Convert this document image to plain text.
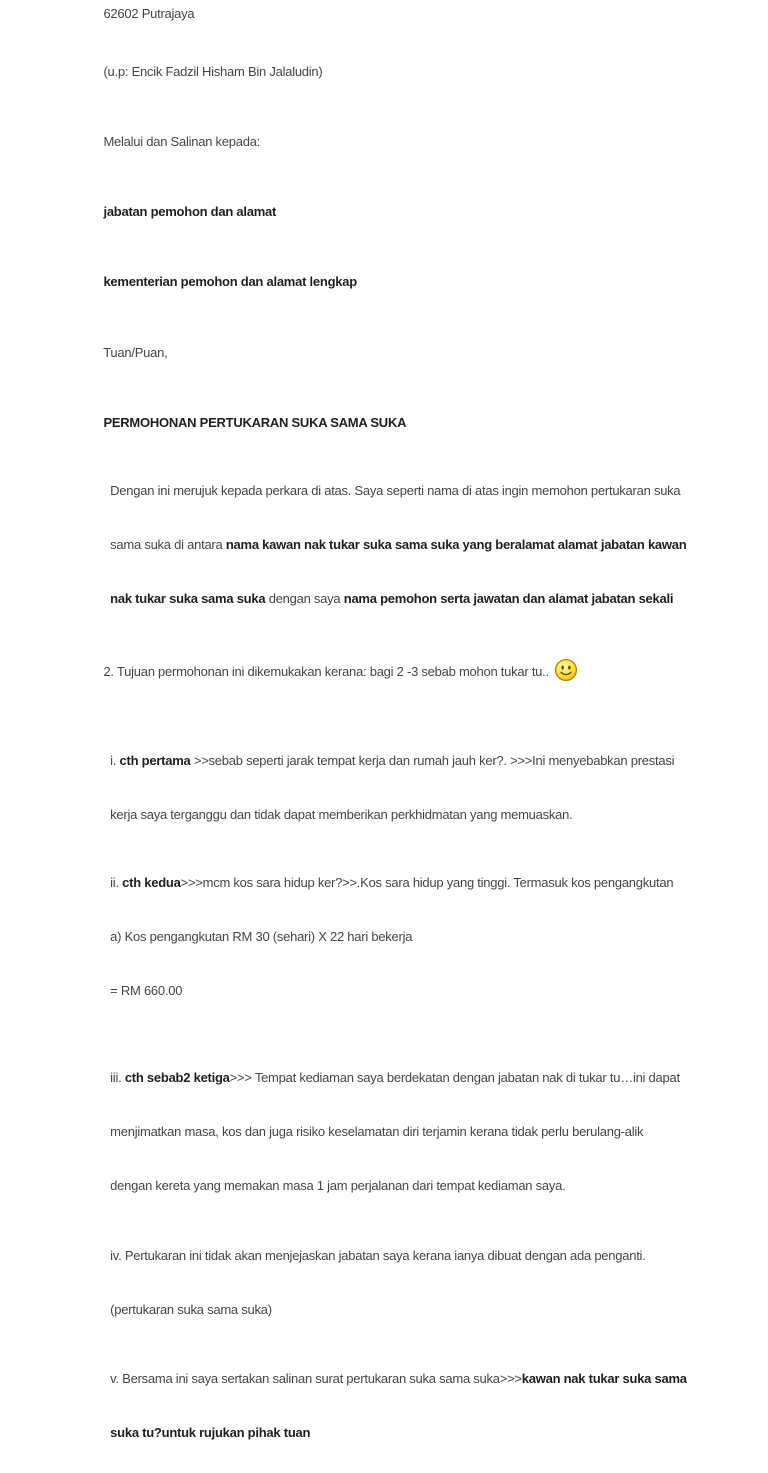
62602 Putrajaya

(u.p: Encik Fadzil Hisham Bin Jalaludin)

Melalui dan Salinan kepada:

jabatan pemohon dan alamat

kementerian pemohon dan alamat lengkap

Tuan/Puan,

PERMOHONAN PERTUKARAN SUKA SAMA SUKA

Dengan ini merujuk kepada perkara di atas. Saya seperti nama di atas ingin memohon pertukaran suka

sama suka di antara nama kawan nak tukar suka sama suka yang beralamat alamat jabatan kawan

nak tukar suka sama suka dengan saya nama pemohon serta jawatan dan alamat jabatan sekali

2. Tujuan permohonan ini dikemukakan kerana: bagi 2 -3 sebab mohon tukar tu..

i. cth pertama >>sebab seperti jarak tempat kerja dan rumah jauh ker?. >>>Ini menyebabkan prestasi

kerja saya terganggu dan tidak dapat memberikan perkhidmatan yang memuaskan.

ii. cth kedua>>>mcm kos sara hidup ker?>>.Kos sara hidup yang tinggi. Termasuk kos pengangkutan

a) Kos pengangkutan RM 30 (sehari) X 22 hari bekerja

= RM 660.00

iii. cth sebab2 ketiga>>> Tempat kediaman saya berdekatan dengan jabatan nak di tukar tu…ini dapat

menjimatkan masa, kos dan juga risiko keselamatan diri terjamin kerana tidak perlu berulang-alik

dengan kereta yang memakan masa 1 jam perjalanan dari tempat kediaman saya.

iv. Pertukaran ini tidak akan menjejaskan jabatan saya kerana ianya dibuat dengan ada penganti.

(pertukaran suka sama suka)

v. Bersama ini saya sertakan salinan surat pertukaran suka sama suka>>>kawan nak tukar suka sama

suka tu?untuk rujukan pihak tuan
